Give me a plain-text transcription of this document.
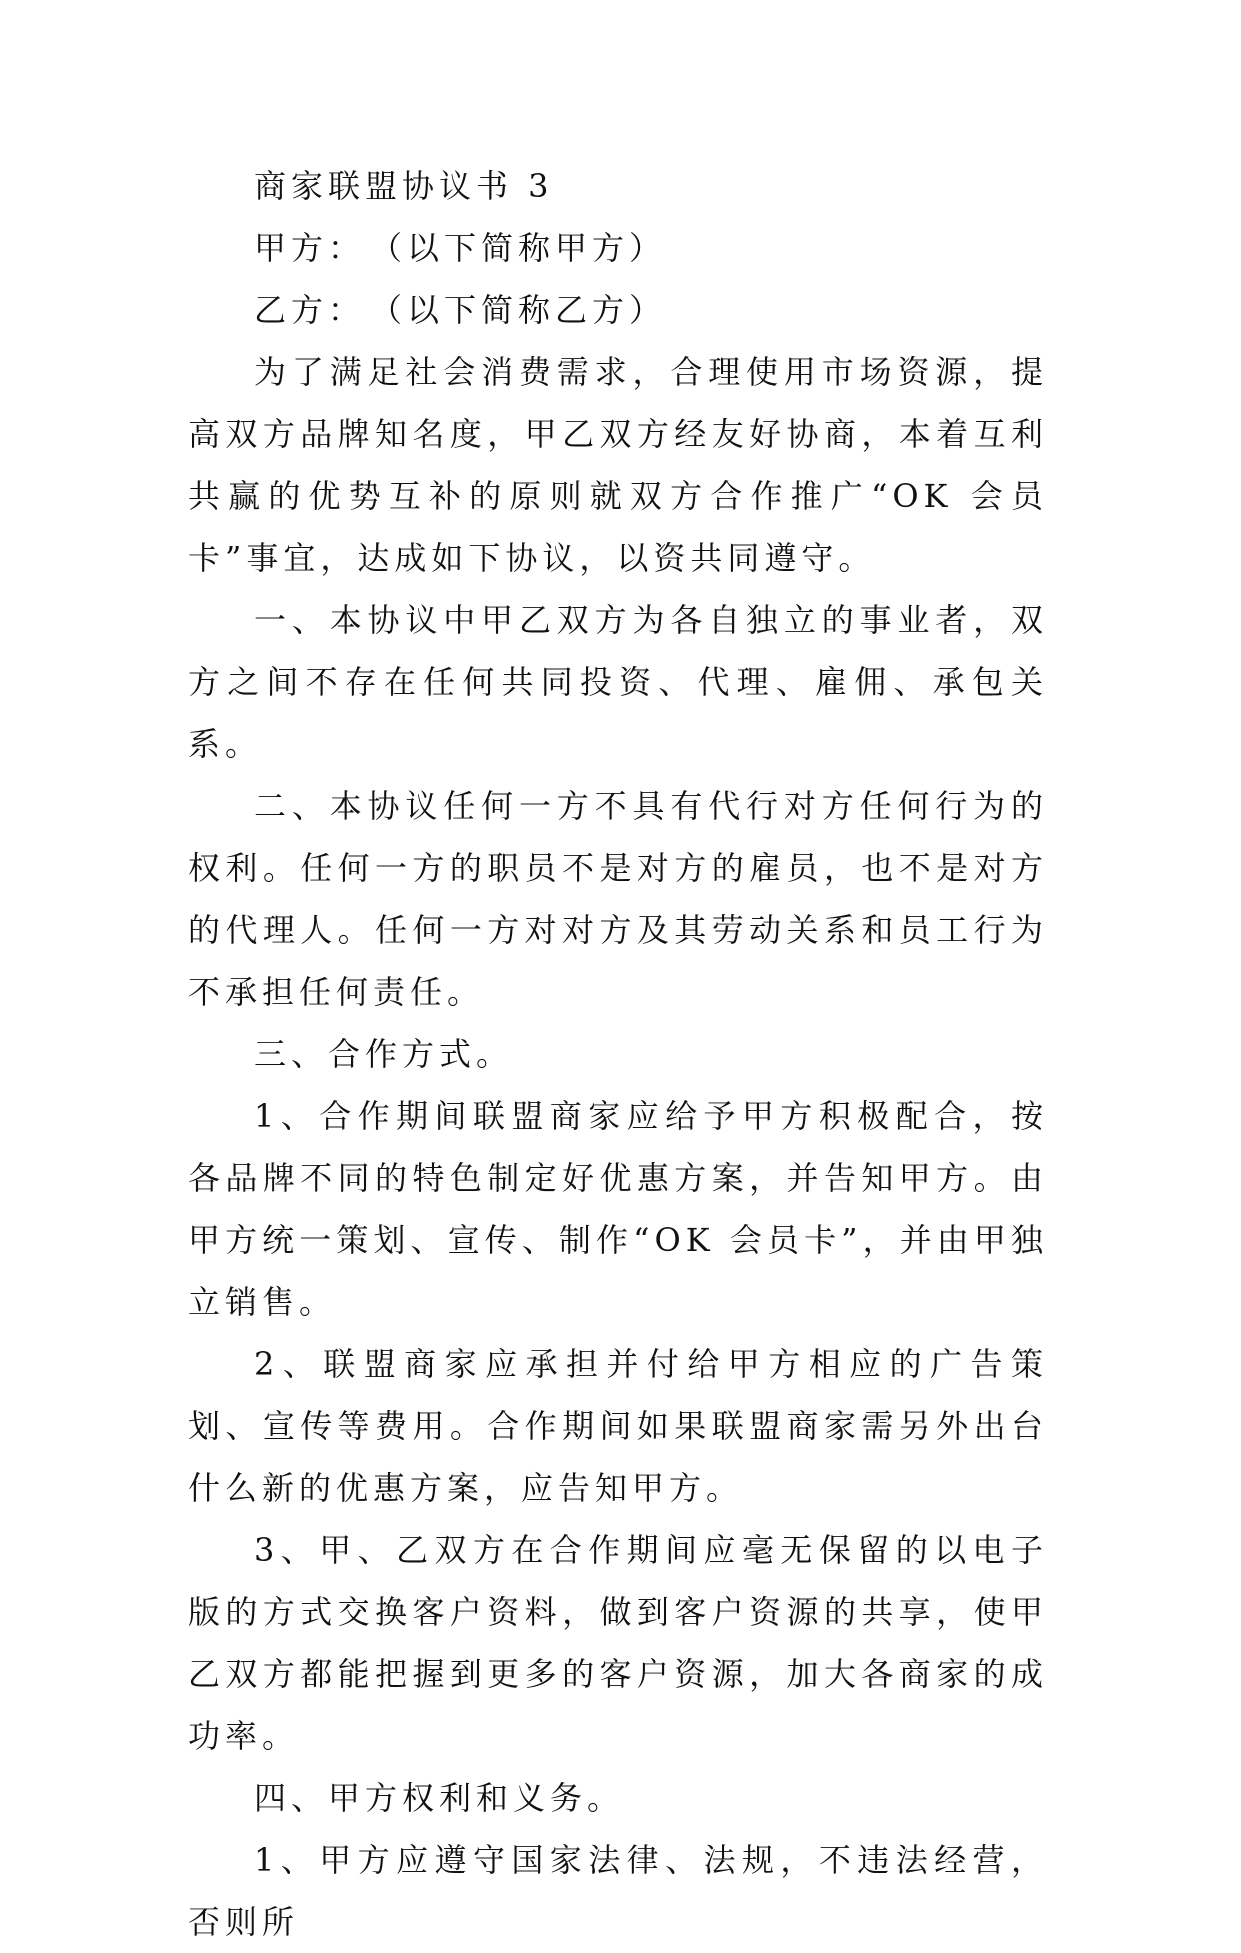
商家联盟协议书 3

甲方：　（以下简称甲方）

乙方：　（以下简称乙方）

为了满足社会消费需求，合理使用市场资源，提高双方品牌知名度，甲乙双方经友好协商，本着互利共赢的优势互补的原则就双方合作推广“OK 会员卡”事宜，达成如下协议，以资共同遵守。

一、本协议中甲乙双方为各自独立的事业者，双方之间不存在任何共同投资、代理、雇佣、承包关系。

二、本协议任何一方不具有代行对方任何行为的权利。任何一方的职员不是对方的雇员，也不是对方的代理人。任何一方对对方及其劳动关系和员工行为不承担任何责任。

三、合作方式。

1、合作期间联盟商家应给予甲方积极配合，按各品牌不同的特色制定好优惠方案，并告知甲方。由甲方统一策划、宣传、制作“OK 会员卡”，并由甲独立销售。

2、联盟商家应承担并付给甲方相应的广告策划、宣传等费用。合作期间如果联盟商家需另外出台什么新的优惠方案，应告知甲方。

3、甲、乙双方在合作期间应毫无保留的以电子版的方式交换客户资料，做到客户资源的共享，使甲乙双方都能把握到更多的客户资源，加大各商家的成功率。

四、甲方权利和义务。

1、甲方应遵守国家法律、法规，不违法经营，否则所
